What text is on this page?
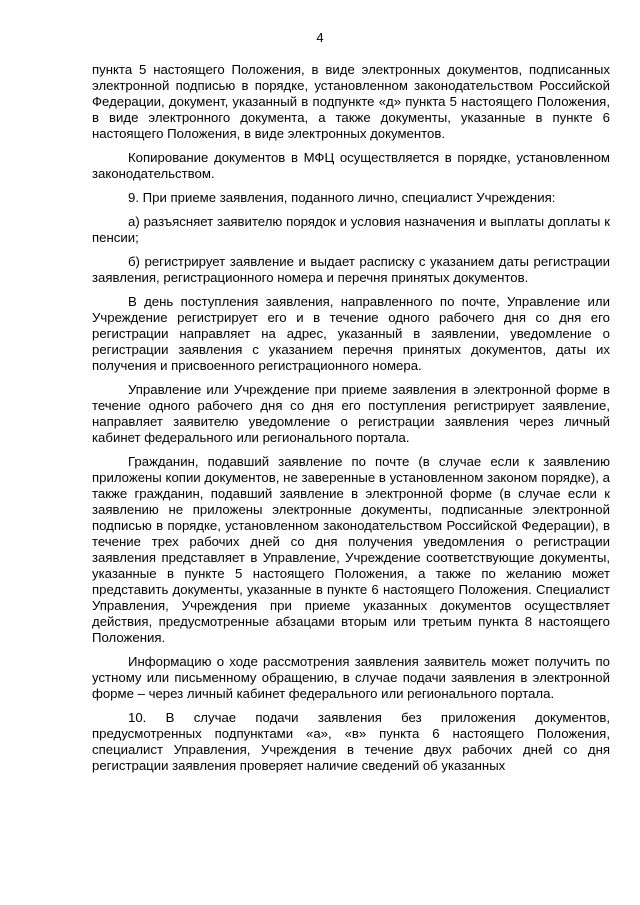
4

пункта 5 настоящего Положения, в виде электронных документов, подписанных электронной подписью в порядке, установленном законодательством Российской Федерации, документ, указанный в подпункте «д» пункта 5 настоящего Положения, в виде электронного документа, а также документы, указанные в пункте 6 настоящего Положения, в виде электронных документов.

Копирование документов в МФЦ осуществляется в порядке, установленном законодательством.

9. При приеме заявления, поданного лично, специалист Учреждения:

а) разъясняет заявителю порядок и условия назначения и выплаты доплаты к пенсии;

б) регистрирует заявление и выдает расписку с указанием даты регистрации заявления, регистрационного номера и перечня принятых документов.

В день поступления заявления, направленного по почте, Управление или Учреждение регистрирует его и в течение одного рабочего дня со дня его регистрации направляет на адрес, указанный в заявлении, уведомление о регистрации заявления с указанием перечня принятых документов, даты их получения и присвоенного регистрационного номера.

Управление или Учреждение при приеме заявления в электронной форме в течение одного рабочего дня со дня его поступления регистрирует заявление, направляет заявителю уведомление о регистрации заявления через личный кабинет федерального или регионального портала.

Гражданин, подавший заявление по почте (в случае если к заявлению приложены копии документов, не заверенные в установленном законом порядке), а также гражданин, подавший заявление в электронной форме (в случае если к заявлению не приложены электронные документы, подписанные электронной подписью в порядке, установленном законодательством Российской Федерации), в течение трех рабочих дней со дня получения уведомления о регистрации заявления представляет в Управление, Учреждение соответствующие документы, указанные в пункте 5 настоящего Положения, а также по желанию может представить документы, указанные в пункте 6 настоящего Положения. Специалист Управления, Учреждения при приеме указанных документов осуществляет действия, предусмотренные абзацами вторым или третьим пункта 8 настоящего Положения.

Информацию о ходе рассмотрения заявления заявитель может получить по устному или письменному обращению, в случае подачи заявления в электронной форме – через личный кабинет федерального или регионального портала.

10. В случае подачи заявления без приложения документов, предусмотренных подпунктами «а», «в» пункта 6 настоящего Положения, специалист Управления, Учреждения в течение двух рабочих дней со дня регистрации заявления проверяет наличие сведений об указанных
